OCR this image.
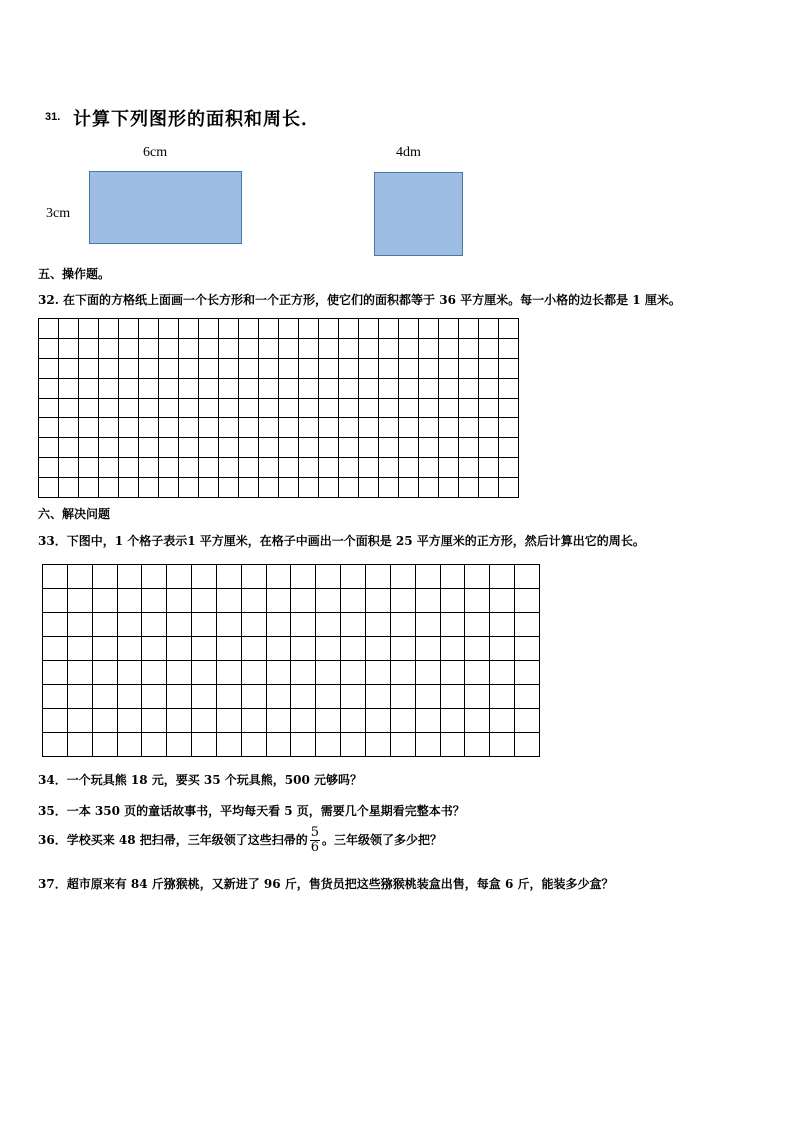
31. 计算下列图形的面积和周长．
6cm
3cm
4dm
五、操作题。
32. 在下面的方格纸上面画一个长方形和一个正方形，使它们的面积都等于 36 平方厘米。每一小格的边长都是 1 厘米。

六、解决问题
33．下图中，1 个格子表示1 平方厘米，在格子中画出一个面积是 25 平方厘米的正方形，然后计算出它的周长。

34．一个玩具熊 18 元，要买 35 个玩具熊，500 元够吗？
35．一本 350 页的童话故事书，平均每天看 5 页，需要几个星期看完整本书？
36．学校买来 48 把扫帚，三年级领了这些扫帚的 $\frac{5}{6}$ 。三年级领了多少把？
37．超市原来有 84 斤猕猴桃，又新进了 96 斤，售货员把这些猕猴桃装盒出售，每盒 6 斤，能装多少盒？
